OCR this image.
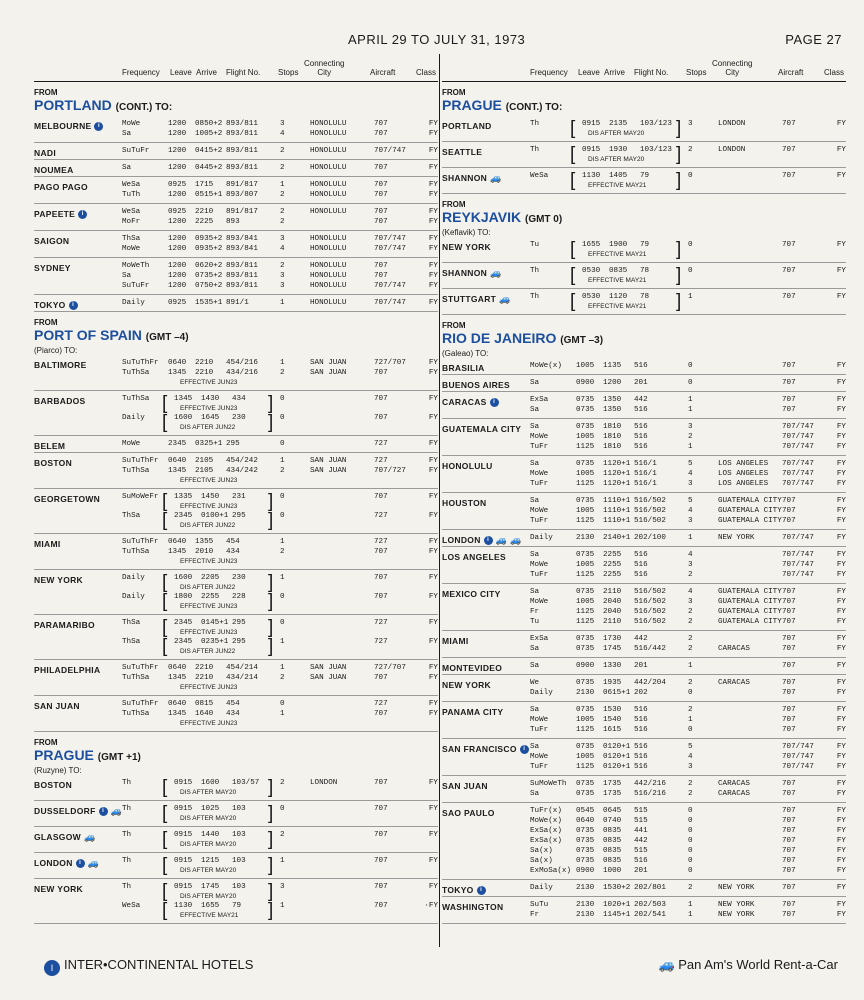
APRIL 29 TO JULY 31, 1973	PAGE 27
Frequency Leave Arrive Flight No. Stops	Aircraft	Class
Connecting
City
FROM
PORTLAND (CONT.) TO:
MELBOURNE i	MoWe	1200 0850+2 893/811	3	HONOLULU	707	FY
Sa	1200 1005+2 893/811	4	HONOLULU	707	FY
NADI	SuTuFr 1200 0415+2 893/811	2	HONOLULU	707/747	FY
NOUMEA	Sa	1200 0445+2 893/811	2	HONOLULU	707	FY
PAGO PAGO	WeSa	0925 1715 891/817	1	HONOLULU	707	FY
TuTh	1200 0515+1 893/807	2	HONOLULU	707	FY
PAPEETE i	WeSa	0925 2210 891/817	2	HONOLULU	707	FY
MoFr	1200 2225 893	2	707	FY
SAIGON	ThSa	1200 0935+2 893/841	3	HONOLULU	707/747	FY
MoWe	1200 0935+2 893/841	4	HONOLULU	707/747	FY
SYDNEY	MoWeTh 1200 0620+2 893/811	2	HONOLULU	707	FY
Sa	1200 0735+2 893/811	3	HONOLULU	707	FY
SuTuFr 1200 0750+2 893/811	3	HONOLULU	707/747	FY
TOKYO i	Daily	0925 1535+1 891/1	1	HONOLULU	707/747	FY
FROM
PORT OF SPAIN (GMT –4)
(Piarco) TO:
BALTIMORE	SuTuThFr 0640 2210 454/216	1	SAN JUAN	727/707	FY
TuThSa 1345 2210 434/216	2	SAN JUAN	707	FY
EFFECTIVE JUN23
BARBADOS	TuThSa	1345 1430 434	0	707	FY
EFFECTIVE JUN23
[	]
Daily	1600 1645 230	0	707	FY
DIS AFTER JUN22
[	]
BELEM	MoWe	2345 0325+1 295	0	727	FY
BOSTON	SuTuThFr 0640 2105 454/242	1	SAN JUAN	727	FY
TuThSa 1345 2105 434/242	2	SAN JUAN	707/727	FY
EFFECTIVE JUN23
GEORGETOWN	SuMoWeFr 1335 1450 231	0	707	FY
EFFECTIVE JUN23
[	]
ThSa	2345 0100+1 295	0	727	FY
DIS AFTER JUN22
[	]
MIAMI	SuTuThFr 0640 1355 454	1	727	FY
TuThSa 1345 2010 434	2	707	FY
EFFECTIVE JUN23
NEW YORK	Daily	1600 2205 230	1	707	FY
DIS AFTER JUN22
[	]
Daily	1800 2255 228	0	707	FY
EFFECTIVE JUN23
[	]
PARAMARIBO	ThSa	2345 0145+1 295	0	727	FY
EFFECTIVE JUN23
[	]
ThSa	2345 0235+1 295	1	727	FY
DIS AFTER JUN22
[	]
PHILADELPHIA	SuTuThFr 0640 2210 454/214	1	SAN JUAN	727/707	FY
TuThSa 1345 2210 434/214	2	SAN JUAN	707	FY
EFFECTIVE JUN23
SAN JUAN	SuTuThFr 0640 0815 454	0	727	FY
TuThSa 1345 1640 434	1	707	FY
EFFECTIVE JUN23
FROM
PRAGUE (GMT +1)
(Ruzyne) TO:
BOSTON	Th	0915 1600 103/57	2	LONDON	707	FY
DIS AFTER MAY20
[	]
DUSSELDORF i 🚙 Th	0915 1025 103	0	707	FY
DIS AFTER MAY20
[	]
GLASGOW 🚙	Th	0915 1440 103	2	707	FY
DIS AFTER MAY20
[	]
LONDON i 🚙	Th	0915 1215 103	1	707	FY
DIS AFTER MAY20
[	]
NEW YORK	Th	0915 1745 103	3	707	FY
DIS AFTER MAY20
[	]
WeSa	1130 1655 79	1	707	·FY
EFFECTIVE MAY21
[	]
Frequency Leave Arrive Flight No. Stops	Aircraft	Class
Connecting
City
FROM
PRAGUE (CONT.) TO:
PORTLAND	Th	0915 2135 103/123 3	LONDON	707	FY
DIS AFTER MAY20
[	]
SEATTLE	Th	0915 1930 103/123 2	LONDON	707	FY
DIS AFTER MAY20
[	]
SHANNON 🚙	WeSa	1130 1405 79	0	707	FY
EFFECTIVE MAY21
[	]
FROM
REYKJAVIK (GMT 0)
(Keflavik) TO:
NEW YORK	Tu	1655 1900 79	0	707	FY
EFFECTIVE MAY21
[	]
SHANNON 🚙	Th	0530 0835 78	0	707	FY
EFFECTIVE MAY21
[	]
STUTTGART 🚙	Th	0530 1120 78	1	707	FY
EFFECTIVE MAY21
[	]
FROM
RIO DE JANEIRO (GMT –3)
(Galeao) TO:
BRASILIA	MoWe(x) 1005 1135 516	0	707	FY
BUENOS AIRES	Sa	0900 1200 201	0	707	FY
CARACAS i	ExSa	0735 1350 442	1	707	FY
Sa	0735 1350 516	1	707	FY
GUATEMALA CITY Sa	0735 1810 516	3	707/747	FY
MoWe	1005 1810 516	2	707/747	FY
TuFr	1125 1810 516	1	707/747	FY
HONOLULU	Sa	0735 1120+1 516/1	5	LOS ANGELES 707/747	FY
MoWe	1005 1120+1 516/1	4	LOS ANGELES 707/747	FY
TuFr	1125 1120+1 516/1	3	LOS ANGELES 707/747	FY
HOUSTON	Sa	0735 1110+1 516/502	5	GUATEMALA CITY 707	FY
MoWe	1005 1110+1 516/502	4	GUATEMALA CITY 707	FY
TuFr	1125 1110+1 516/502	3	GUATEMALA CITY 707	FY
LONDON i 🚙 🚙 Daily	2130 2140+1 202/100	1	NEW YORK	707/747	FY
LOS ANGELES	Sa	0735 2255 516	4	707/747	FY
MoWe	1005 2255 516	3	707/747	FY
TuFr	1125 2255 516	2	707/747	FY
MEXICO CITY	Sa	0735 2110 516/502	4	GUATEMALA CITY 707	FY
MoWe	1005 2040 516/502	3	GUATEMALA CITY 707	FY
Fr	1125 2040 516/502	2	GUATEMALA CITY 707	FY
Tu	1125 2110 516/502	2	GUATEMALA CITY 707	FY
MIAMI	ExSa	0735 1730 442	2	707	FY
Sa	0735 1745 516/442	2	CARACAS	707	FY
MONTEVIDEO	Sa	0900 1330 201	1	707	FY
NEW YORK	We	0735 1935 442/204	2	CARACAS	707	FY
Daily	2130 0615+1 202	0	707	FY
PANAMA CITY	Sa	0735 1530 516	2	707	FY
MoWe	1005 1540 516	1	707	FY
TuFr	1125 1615 516	0	707	FY
SAN FRANCISCO i Sa	0735 0120+1 516	5	707/747	FY
MoWe	1005 0120+1 516	4	707/747	FY
TuFr	1125 0120+1 516	3	707/747	FY
SAN JUAN	SuMoWeTh 0735 1735 442/216	2	CARACAS	707	FY
Sa	0735 1735 516/216	2	CARACAS	707	FY
SAO PAULO	TuFr(x) 0545 0645 515	0	707	FY
MoWe(x) 0640 0740 515	0	707	FY
ExSa(x) 0735 0835 441	0	707	FY
ExSa(x) 0735 0835 442	0	707	FY
Sa(x)	0735 0835 515	0	707	FY
Sa(x)	0735 0835 516	0	707	FY
ExMoSa(x) 0900 1000 201	0	707	FY
TOKYO i	Daily	2130 1530+2 202/801	2	NEW YORK	707	FY
WASHINGTON	SuTu	2130 1020+1 202/503	1	NEW YORK	707	FY
Fr	2130 1145+1 202/541	1	NEW YORK	707	FY
I INTER•CONTINENTAL HOTELS	🚙 Pan Am's World Rent-a-Car
